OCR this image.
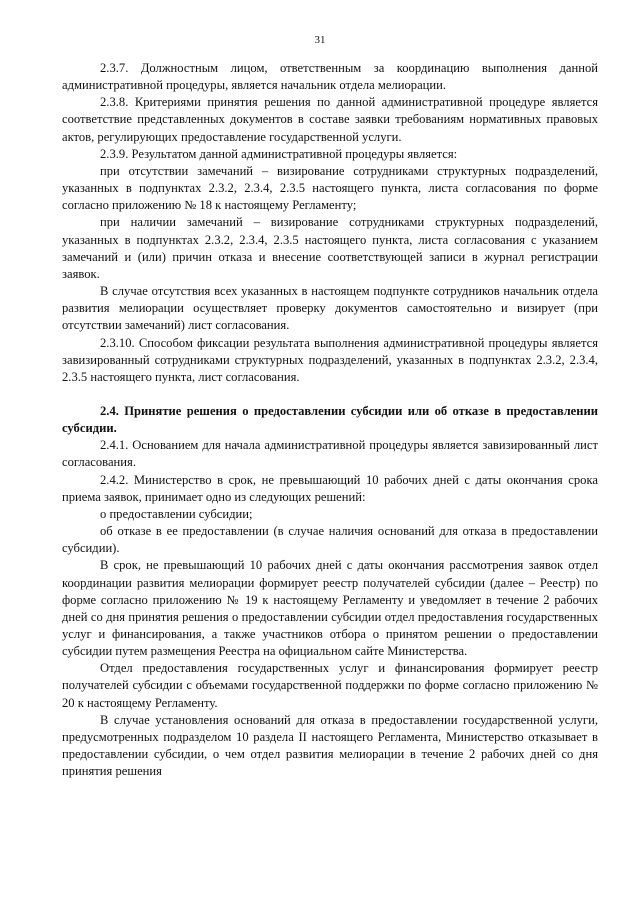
31

2.3.7. Должностным лицом, ответственным за координацию выполнения данной административной процедуры, является начальник отдела мелиорации.

2.3.8. Критериями принятия решения по данной административной процедуре является соответствие представленных документов в составе заявки требованиям нормативных правовых актов, регулирующих предоставление государственной услуги.

2.3.9. Результатом данной административной процедуры является:

при отсутствии замечаний – визирование сотрудниками структурных подразделений, указанных в подпунктах 2.3.2, 2.3.4, 2.3.5 настоящего пункта, листа согласования по форме согласно приложению № 18 к настоящему Регламенту;

при наличии замечаний – визирование сотрудниками структурных подразделений, указанных в подпунктах 2.3.2, 2.3.4, 2.3.5 настоящего пункта, листа согласования с указанием замечаний и (или) причин отказа и внесение соответствующей записи в журнал регистрации заявок.

В случае отсутствия всех указанных в настоящем подпункте сотрудников начальник отдела развития мелиорации осуществляет проверку документов самостоятельно и визирует (при отсутствии замечаний) лист согласования.

2.3.10. Способом фиксации результата выполнения административной процедуры является завизированный сотрудниками структурных подразделений, указанных в подпунктах 2.3.2, 2.3.4, 2.3.5 настоящего пункта, лист согласования.

2.4. Принятие решения о предоставлении субсидии или об отказе в предоставлении субсидии.

2.4.1. Основанием для начала административной процедуры является завизированный лист согласования.

2.4.2. Министерство в срок, не превышающий 10 рабочих дней с даты окончания срока приема заявок, принимает одно из следующих решений:

о предоставлении субсидии;

об отказе в ее предоставлении (в случае наличия оснований для отказа в предоставлении субсидии).

В срок, не превышающий 10 рабочих дней с даты окончания рассмотрения заявок отдел координации развития мелиорации формирует реестр получателей субсидии (далее – Реестр) по форме согласно приложению № 19 к настоящему Регламенту и уведомляет в течение 2 рабочих дней со дня принятия решения о предоставлении субсидии отдел предоставления государственных услуг и финансирования, а также участников отбора о принятом решении о предоставлении субсидии путем размещения Реестра на официальном сайте Министерства.

Отдел предоставления государственных услуг и финансирования формирует реестр получателей субсидии с объемами государственной поддержки по форме согласно приложению № 20 к настоящему Регламенту.

В случае установления оснований для отказа в предоставлении государственной услуги, предусмотренных подразделом 10 раздела II настоящего Регламента, Министерство отказывает в предоставлении субсидии, о чем отдел развития мелиорации в течение 2 рабочих дней со дня принятия решения
